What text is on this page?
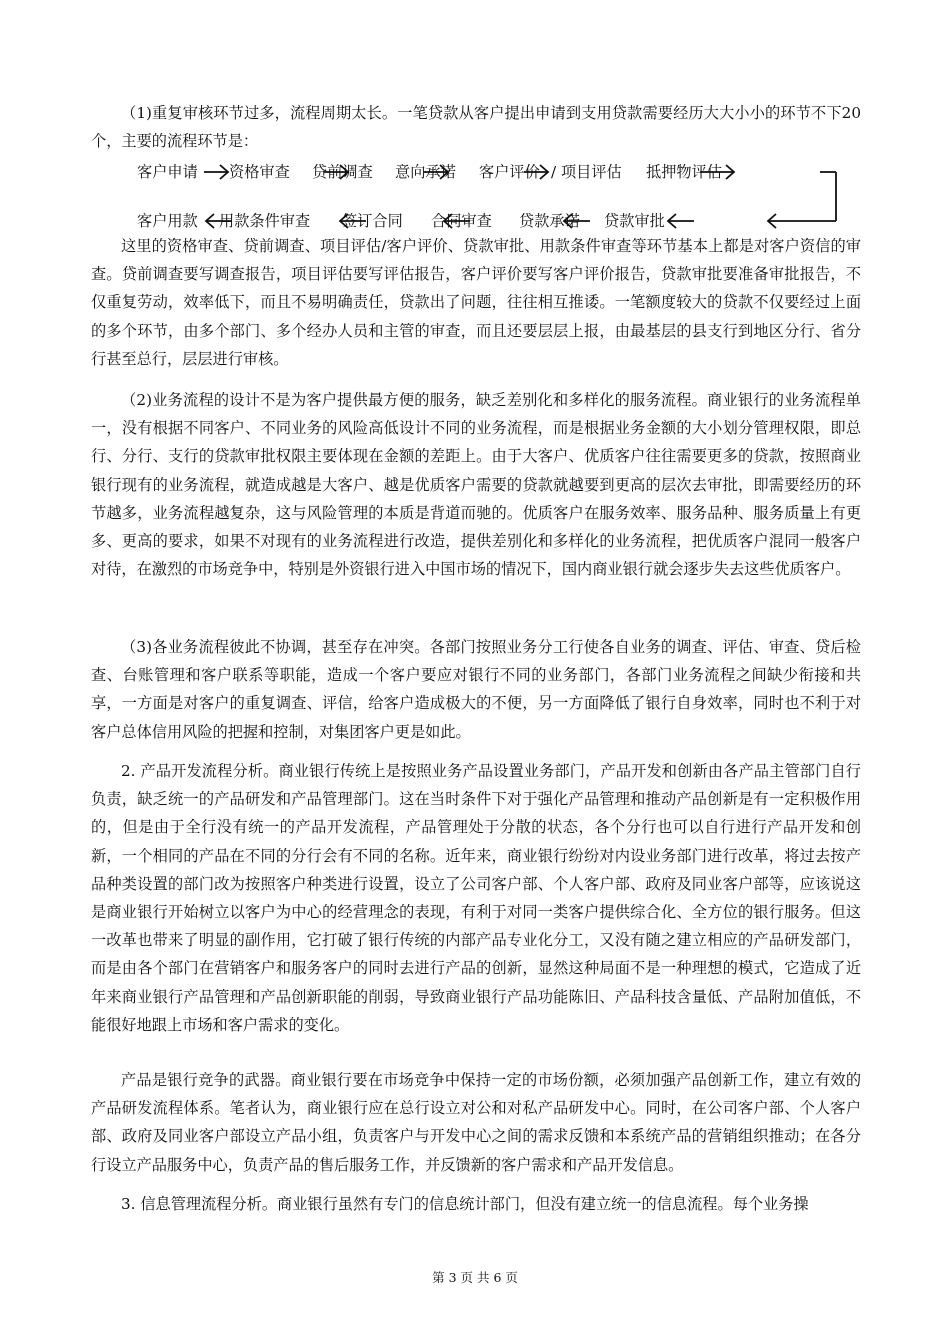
（1)重复审核环节过多，流程周期太长。一笔贷款从客户提出申请到支用贷款需要经历大大小小的环节不下20个，主要的流程环节是：

客户申请 资格审查 贷前调查 意向承诺 客户评价 / 项目评估 抵押物评估
客户用款 用款条件审查 签订合同 合同审查 贷款承诺 贷款审批

这里的资格审查、贷前调查、项目评估/客户评价、贷款审批、用款条件审查等环节基本上都是对客户资信的审查。贷前调查要写调查报告，项目评估要写评估报告，客户评价要写客户评价报告，贷款审批要准备审批报告，不仅重复劳动，效率低下，而且不易明确责任，贷款出了问题，往往相互推诿。一笔额度较大的贷款不仅要经过上面的多个环节，由多个部门、多个经办人员和主管的审查，而且还要层层上报，由最基层的县支行到地区分行、省分行甚至总行，层层进行审核。

（2)业务流程的设计不是为客户提供最方便的服务，缺乏差别化和多样化的服务流程。商业银行的业务流程单一，没有根据不同客户、不同业务的风险高低设计不同的业务流程，而是根据业务金额的大小划分管理权限，即总行、分行、支行的贷款审批权限主要体现在金额的差距上。由于大客户、优质客户往往需要更多的贷款，按照商业银行现有的业务流程，就造成越是大客户、越是优质客户需要的贷款就越要到更高的层次去审批，即需要经历的环节越多，业务流程越复杂，这与风险管理的本质是背道而驰的。优质客户在服务效率、服务品种、服务质量上有更多、更高的要求，如果不对现有的业务流程进行改造，提供差别化和多样化的业务流程，把优质客户混同一般客户对待，在激烈的市场竞争中，特别是外资银行进入中国市场的情况下，国内商业银行就会逐步失去这些优质客户。

（3)各业务流程彼此不协调，甚至存在冲突。各部门按照业务分工行使各自业务的调查、评估、审查、贷后检查、台账管理和客户联系等职能，造成一个客户要应对银行不同的业务部门，各部门业务流程之间缺少衔接和共享，一方面是对客户的重复调查、评信，给客户造成极大的不便，另一方面降低了银行自身效率，同时也不利于对客户总体信用风险的把握和控制，对集团客户更是如此。

2. 产品开发流程分析。商业银行传统上是按照业务产品设置业务部门，产品开发和创新由各产品主管部门自行负责，缺乏统一的产品研发和产品管理部门。这在当时条件下对于强化产品管理和推动产品创新是有一定积极作用的，但是由于全行没有统一的产品开发流程，产品管理处于分散的状态，各个分行也可以自行进行产品开发和创新，一个相同的产品在不同的分行会有不同的名称。近年来，商业银行纷纷对内设业务部门进行改革，将过去按产品种类设置的部门改为按照客户种类进行设置，设立了公司客户部、个人客户部、政府及同业客户部等，应该说这是商业银行开始树立以客户为中心的经营理念的表现，有利于对同一类客户提供综合化、全方位的银行服务。但这一改革也带来了明显的副作用，它打破了银行传统的内部产品专业化分工，又没有随之建立相应的产品研发部门，而是由各个部门在营销客户和服务客户的同时去进行产品的创新，显然这种局面不是一种理想的模式，它造成了近年来商业银行产品管理和产品创新职能的削弱，导致商业银行产品功能陈旧、产品科技含量低、产品附加值低，不能很好地跟上市场和客户需求的变化。

产品是银行竞争的武器。商业银行要在市场竞争中保持一定的市场份额，必须加强产品创新工作，建立有效的产品研发流程体系。笔者认为，商业银行应在总行设立对公和对私产品研发中心。同时，在公司客户部、个人客户部、政府及同业客户部设立产品小组，负责客户与开发中心之间的需求反馈和本系统产品的营销组织推动；在各分行设立产品服务中心，负责产品的售后服务工作，并反馈新的客户需求和产品开发信息。

3. 信息管理流程分析。商业银行虽然有专门的信息统计部门，但没有建立统一的信息流程。每个业务操

第 3 页 共 6 页
